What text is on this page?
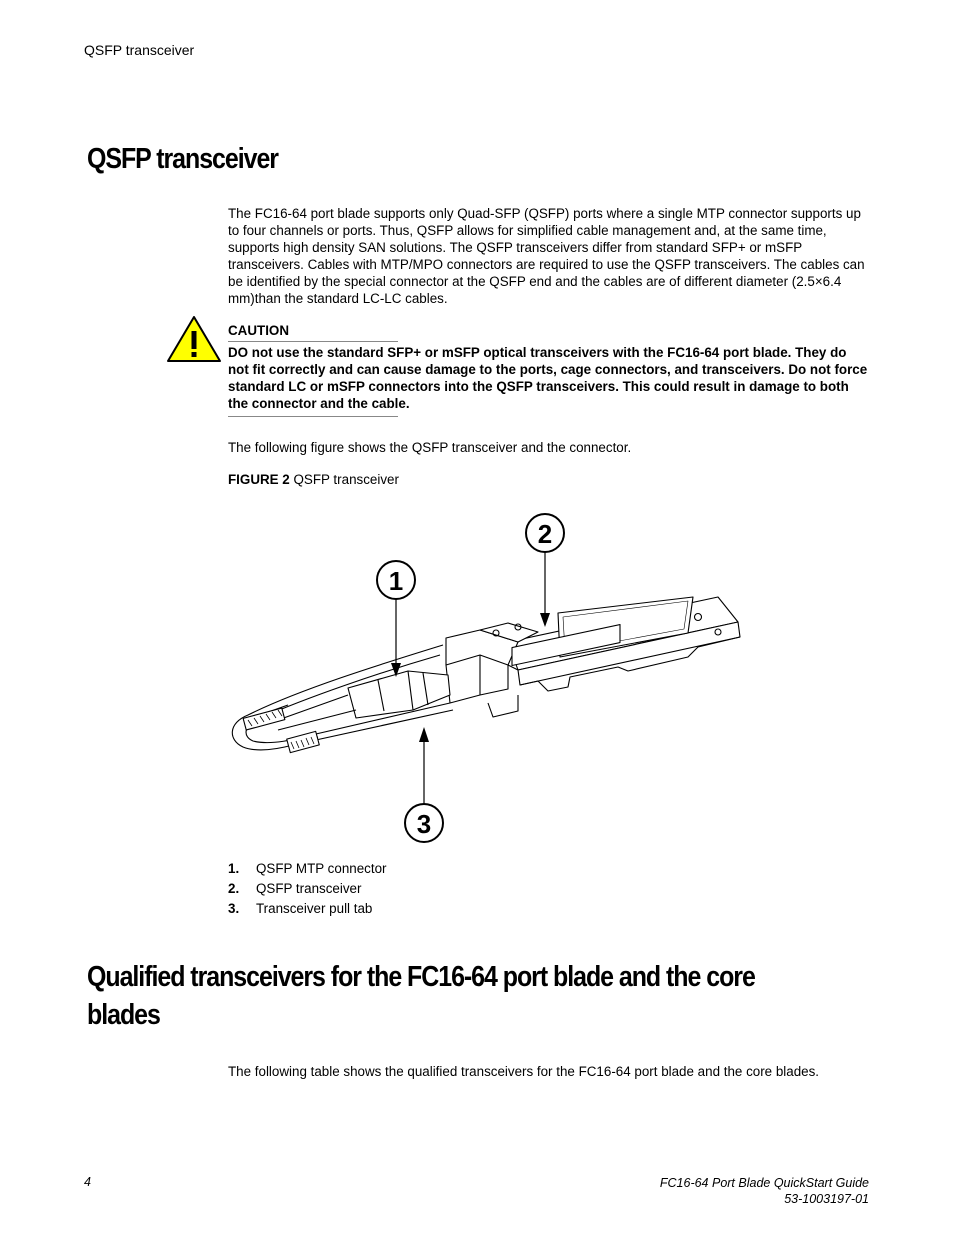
QSFP transceiver
QSFP transceiver
The FC16-64 port blade supports only Quad-SFP (QSFP) ports where a single MTP connector supports up to four channels or ports. Thus, QSFP allows for simplified cable management and, at the same time, supports high density SAN solutions. The QSFP transceivers differ from standard SFP+ or mSFP transceivers. Cables with MTP/MPO connectors are required to use the QSFP transceivers. The cables can be identified by the special connector at the QSFP end and the cables are of different diameter (2.5×6.4 mm)than the standard LC-LC cables.
CAUTION
DO not use the standard SFP+ or mSFP optical transceivers with the FC16-64 port blade. They do not fit correctly and can cause damage to the ports, cage connectors, and transceivers. Do not force standard LC or mSFP connectors into the QSFP transceivers. This could result in damage to both the connector and the cable.
The following figure shows the QSFP transceiver and the connector.
FIGURE 2 QSFP transceiver
1
2
3
1.	QSFP MTP connector
2.	QSFP transceiver
3.	Transceiver pull tab
Qualified transceivers for the FC16-64 port blade and the core
blades
The following table shows the qualified transceivers for the FC16-64 port blade and the core blades.
4	FC16-64 Port Blade QuickStart Guide
53-1003197-01
